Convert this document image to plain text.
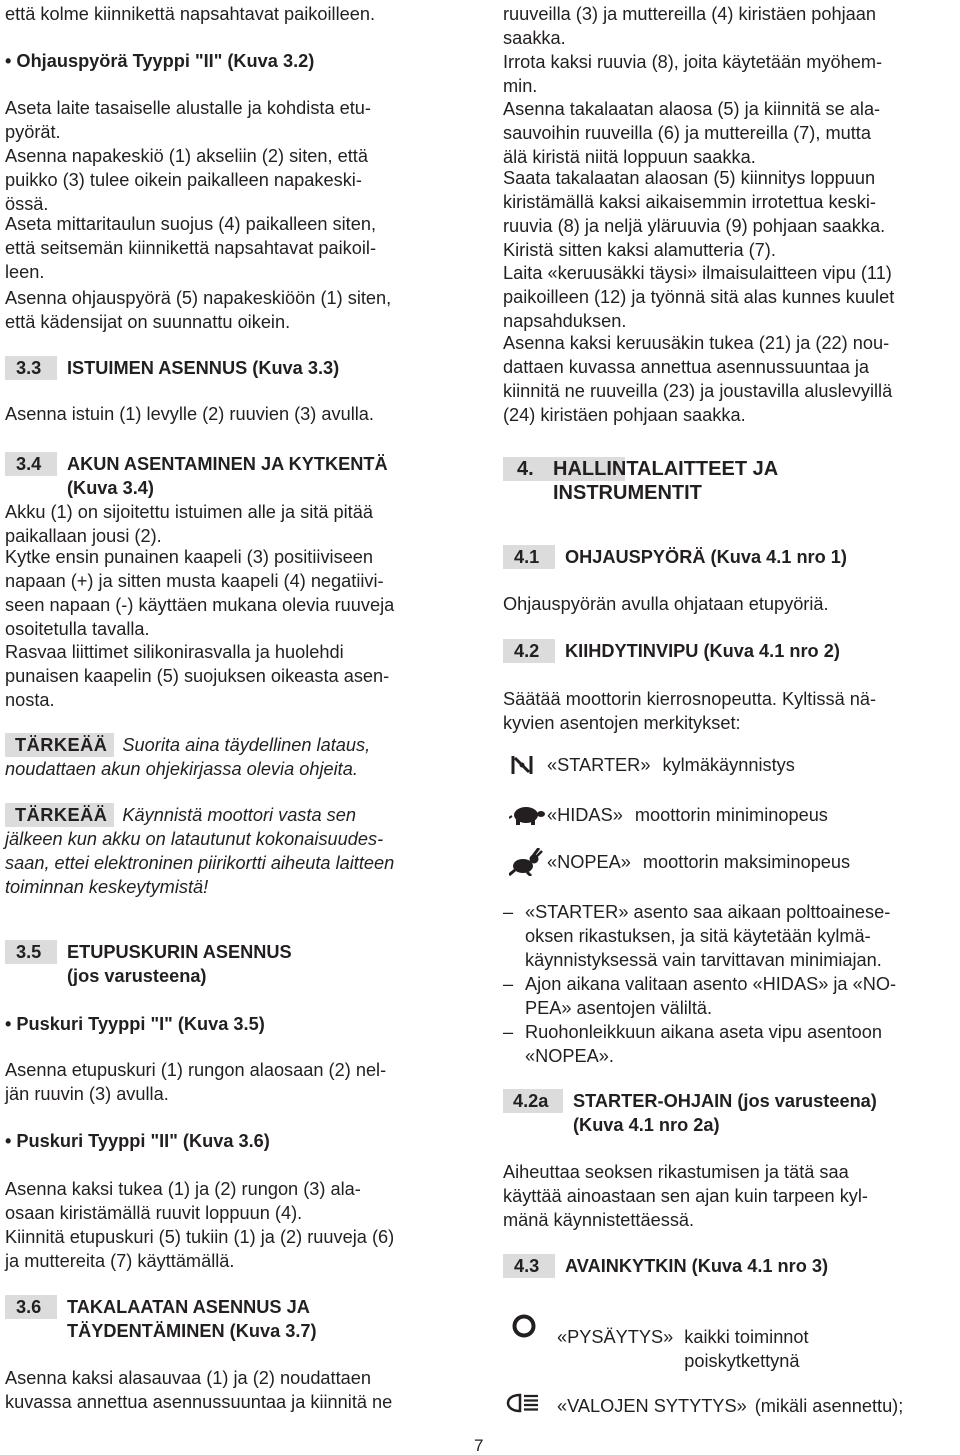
että kolme kiinnikettä napsahtavat paikoilleen.
• Ohjauspyörä Tyyppi "II" (Kuva 3.2)
Aseta laite tasaiselle alustalle ja kohdista etu-
pyörät.
Asenna napakeskiö (1) akseliin (2) siten, että
puikko (3) tulee oikein paikalleen napakeski-
össä.
Aseta mittaritaulun suojus (4) paikalleen siten,
että seitsemän kiinnikettä napsahtavat paikoil-
leen.
Asenna ohjauspyörä (5) napakeskiöön (1) siten,
että kädensijat on suunnattu oikein.
3.3	ISTUIMEN ASENNUS (Kuva 3.3)
Asenna istuin (1) levylle (2) ruuvien (3) avulla.
3.4	AKUN ASENTAMINEN JA KYTKENTÄ
(Kuva 3.4)
Akku (1) on sijoitettu istuimen alle ja sitä pitää
paikallaan jousi (2).
Kytke ensin punainen kaapeli (3) positiiviseen
napaan (+) ja sitten musta kaapeli (4) negatiivi-
seen napaan (-) käyttäen mukana olevia ruuveja
osoitetulla tavalla.
Rasvaa liittimet silikonirasvalla ja huolehdi
punaisen kaapelin (5) suojuksen oikeasta asen-
nosta.
TÄRKEÄÄ Suorita aina täydellinen lataus,
noudattaen akun ohjekirjassa olevia ohjeita.
TÄRKEÄÄ Käynnistä moottori vasta sen
jälkeen kun akku on latautunut kokonaisuudes-
saan, ettei elektroninen piirikortti aiheuta laitteen
toiminnan keskeytymistä!
3.5	ETUPUSKURIN ASENNUS
(jos varusteena)
• Puskuri Tyyppi "I" (Kuva 3.5)
Asenna etupuskuri (1) rungon alaosaan (2) nel-
jän ruuvin (3) avulla.
• Puskuri Tyyppi "II" (Kuva 3.6)
Asenna kaksi tukea (1) ja (2) rungon (3) ala-
osaan kiristämällä ruuvit loppuun (4).
Kiinnitä etupuskuri (5) tukiin (1) ja (2) ruuveja (6)
ja muttereita (7) käyttämällä.
3.6	TAKALAATAN ASENNUS JA
TÄYDENTÄMINEN (Kuva 3.7)
Asenna kaksi alasauvaa (1) ja (2) noudattaen
kuvassa annettua asennussuuntaa ja kiinnitä ne
ruuveilla (3) ja muttereilla (4) kiristäen pohjaan
saakka.
Irrota kaksi ruuvia (8), joita käytetään myöhem-
min.
Asenna takalaatan alaosa (5) ja kiinnitä se ala-
sauvoihin ruuveilla (6) ja muttereilla (7), mutta
älä kiristä niitä loppuun saakka.
Saata takalaatan alaosan (5) kiinnitys loppuun
kiristämällä kaksi aikaisemmin irrotettua keski-
ruuvia (8) ja neljä yläruuvia (9) pohjaan saakka.
Kiristä sitten kaksi alamutteria (7).
Laita «keruusäkki täysi» ilmaisulaitteen vipu (11)
paikoilleen (12) ja työnnä sitä alas kunnes kuulet
napsahduksen.
Asenna kaksi keruusäkin tukea (21) ja (22) nou-
dattaen kuvassa annettua asennussuuntaa ja
kiinnitä ne ruuveilla (23) ja joustavilla aluslevyillä
(24) kiristäen pohjaan saakka.
4. HALLINTALAITTEET JA
INSTRUMENTIT
4.1	OHJAUSPYÖRÄ (Kuva 4.1 nro 1)
Ohjauspyörän avulla ohjataan etupyöriä.
4.2	KIIHDYTINVIPU (Kuva 4.1 nro 2)
Säätää moottorin kierrosnopeutta. Kyltissä nä-
kyvien asentojen merkitykset:
«STARTER» kylmäkäynnistys
«HIDAS» moottorin miniminopeus
«NOPEA» moottorin maksiminopeus
– «STARTER» asento saa aikaan polttoainese-
oksen rikastuksen, ja sitä käytetään kylmä-
käynnistyksessä vain tarvittavan minimiajan.
– Ajon aikana valitaan asento «HIDAS» ja «NO-
PEA» asentojen väliltä.
– Ruohonleikkuun aikana aseta vipu asentoon
«NOPEA».
4.2a	STARTER-OHJAIN (jos varusteena)
(Kuva 4.1 nro 2a)
Aiheuttaa seoksen rikastumisen ja tätä saa
käyttää ainoastaan sen ajan kuin tarpeen kyl-
mänä käynnistettäessä.
4.3	AVAINKYTKIN (Kuva 4.1 nro 3)
«PYSÄYTYS» kaikki toiminnot
poiskytkettynä
«VALOJEN SYTYTYS» (mikäli asennettu);
7
